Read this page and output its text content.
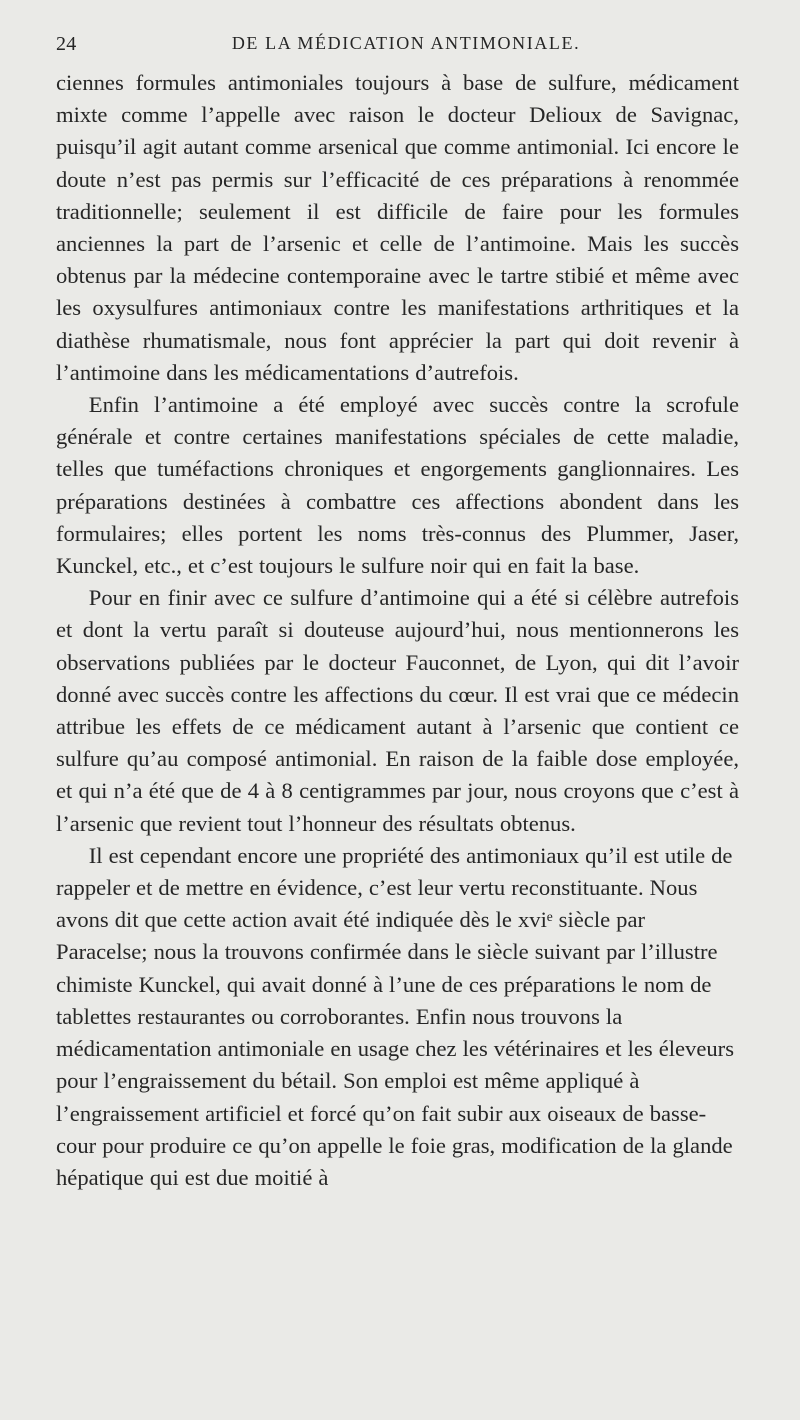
24	DE LA MÉDICATION ANTIMONIALE.

ciennes formules antimoniales toujours à base de sulfure, médicament mixte comme l’appelle avec raison le docteur Delioux de Savignac, puisqu’il agit autant comme arsenical que comme antimonial. Ici encore le doute n’est pas permis sur l’efficacité de ces préparations à renommée traditionnelle; seulement il est difficile de faire pour les formules anciennes la part de l’arsenic et celle de l’antimoine. Mais les succès obtenus par la médecine contemporaine avec le tartre stibié et même avec les oxysulfures antimoniaux contre les manifestations arthritiques et la diathèse rhumatismale, nous font apprécier la part qui doit revenir à l’antimoine dans les médicamentations d’autrefois.

Enfin l’antimoine a été employé avec succès contre la scrofule générale et contre certaines manifestations spéciales de cette maladie, telles que tuméfactions chroniques et engorgements ganglionnaires. Les préparations destinées à combattre ces affections abondent dans les formulaires; elles portent les noms très-connus des Plummer, Jaser, Kunckel, etc., et c’est toujours le sulfure noir qui en fait la base.

Pour en finir avec ce sulfure d’antimoine qui a été si célèbre autrefois et dont la vertu paraît si douteuse aujourd’hui, nous mentionnerons les observations publiées par le docteur Fauconnet, de Lyon, qui dit l’avoir donné avec succès contre les affections du cœur. Il est vrai que ce médecin attribue les effets de ce médicament autant à l’arsenic que contient ce sulfure qu’au composé antimonial. En raison de la faible dose employée, et qui n’a été que de 4 à 8 centigrammes par jour, nous croyons que c’est à l’arsenic que revient tout l’honneur des résultats obtenus.

Il est cependant encore une propriété des antimoniaux qu’il est utile de rappeler et de mettre en évidence, c’est leur vertu reconstituante. Nous avons dit que cette action avait été indiquée dès le xviᵉ siècle par Paracelse; nous la trouvons confirmée dans le siècle suivant par l’illustre chimiste Kunckel, qui avait donné à l’une de ces préparations le nom de tablettes restaurantes ou corroborantes. Enfin nous trouvons la médicamentation antimoniale en usage chez les vétérinaires et les éleveurs pour l’engraissement du bétail. Son emploi est même appliqué à l’engraissement artificiel et forcé qu’on fait subir aux oiseaux de basse-cour pour produire ce qu’on appelle le foie gras, modification de la glande hépatique qui est due moitié à
